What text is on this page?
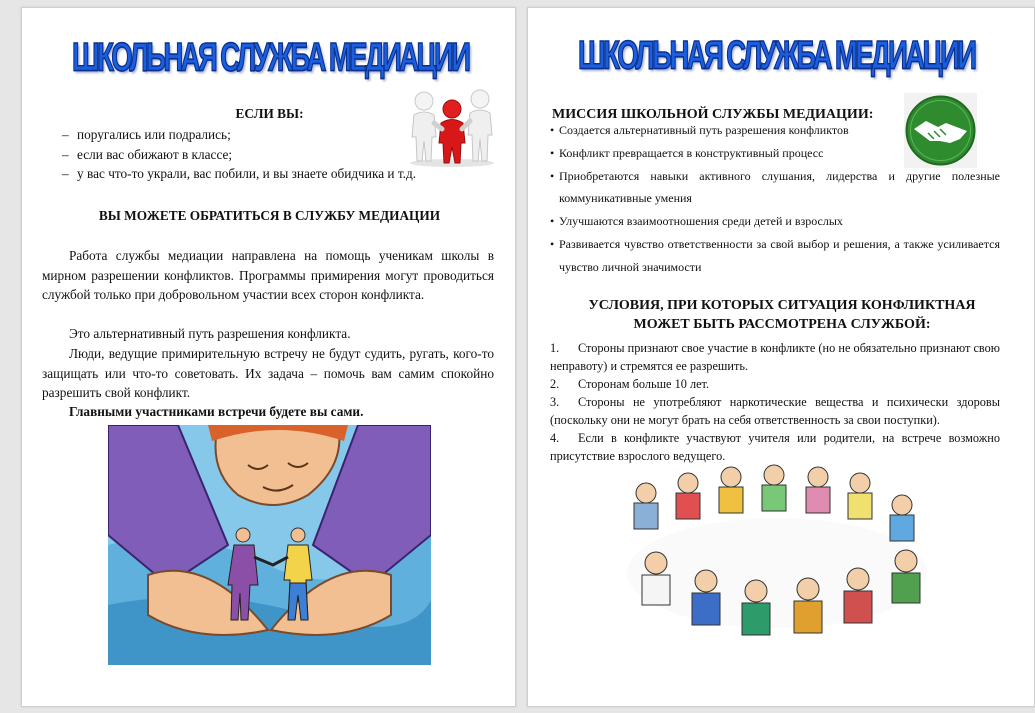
ШКОЛЬНАЯ СЛУЖБА МЕДИАЦИИ
ЕСЛИ ВЫ:
– поругались или подрались;
– если вас обижают в классе;
– у вас что-то украли, вас побили, и вы знаете обидчика и т.д.
ВЫ МОЖЕТЕ ОБРАТИТЬСЯ В СЛУЖБУ МЕДИАЦИИ
Работа службы медиации направлена на помощь ученикам школы в мирном разрешении конфликтов. Программы примирения могут проводиться службой только при добровольном участии всех сторон конфликта.
Это альтернативный путь разрешения конфликта.
Люди, ведущие примирительную встречу не будут судить, ругать, кого-то защищать или что-то советовать. Их задача – помочь вам самим спокойно разрешить свой конфликт.
Главными участниками встречи будете вы сами.
ШКОЛЬНАЯ СЛУЖБА МЕДИАЦИИ
МИССИЯ ШКОЛЬНОЙ СЛУЖБЫ МЕДИАЦИИ:
• Создается альтернативный путь разрешения конфликтов
• Конфликт превращается в конструктивный процесс
• Приобретаются навыки активного слушания, лидерства и другие полезные коммуникативные умения
• Улучшаются взаимоотношения среди детей и взрослых
• Развивается чувство ответственности за свой выбор и решения, а также усиливается чувство личной значимости
УСЛОВИЯ, ПРИ КОТОРЫХ СИТУАЦИЯ КОНФЛИКТНАЯ
МОЖЕТ БЫТЬ РАССМОТРЕНА СЛУЖБОЙ:
1. Стороны признают свое участие в конфликте (но не обязательно признают свою неправоту) и стремятся ее разрешить.
2. Сторонам больше 10 лет.
3. Стороны не употребляют наркотические вещества и психически здоровы (поскольку они не могут брать на себя ответственность за свои поступки).
4. Если в конфликте участвуют учителя или родители, на встрече возможно присутствие взрослого ведущего.
